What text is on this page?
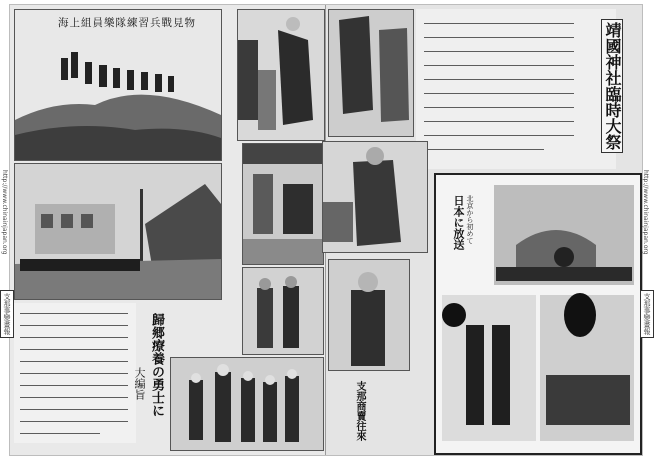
海上組員樂隊練習兵戰見物
歸郷療養の勇士に
大編旨
靖國神社臨時大祭
支那商賣往來
日本に放送 北京から初めて
http://www.chinainjapan.org	http://www.chinainjapan.org
支那事變畫報	支那事變畫報
